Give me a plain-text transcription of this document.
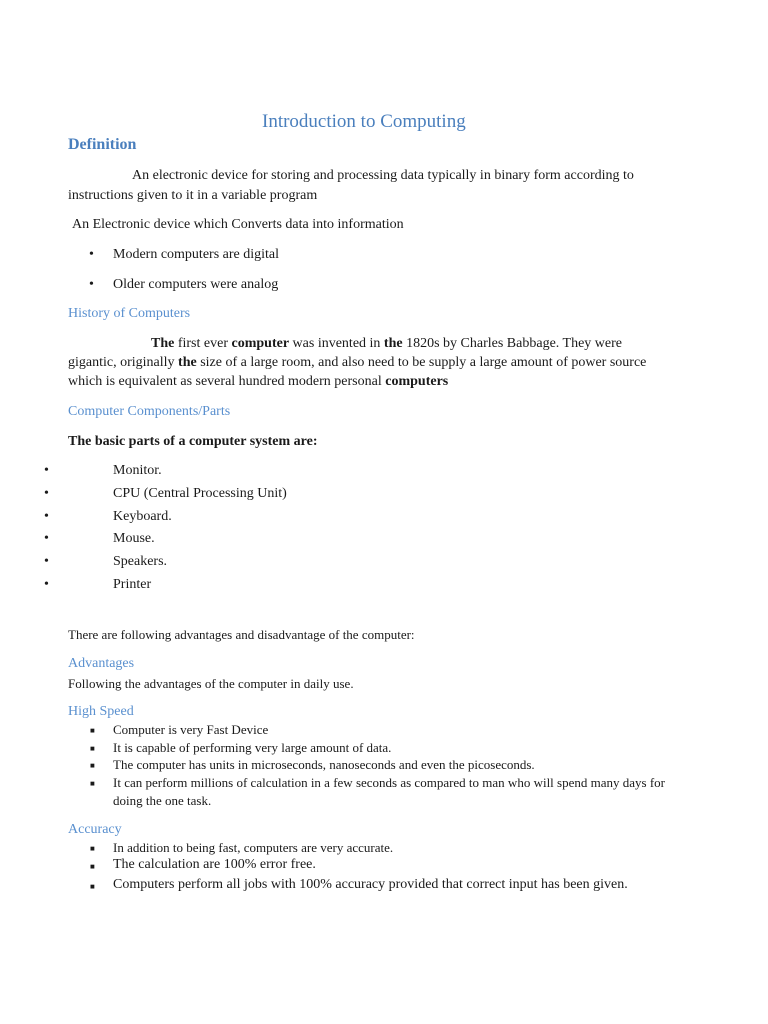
Introduction to Computing
Definition
An electronic device for storing and processing data typically in binary form according to
instructions given to it in a variable program
An Electronic device which Converts data into information
• Modern computers are digital
• Older computers were analog
History of Computers
The first ever computer was invented in the 1820s by Charles Babbage. They were
gigantic, originally the size of a large room, and also need to be supply a large amount of power source
which is equivalent as several hundred modern personal computers
Computer Components/Parts
The basic parts of a computer system are:
•	Monitor.
•	CPU (Central Processing Unit)
•	Keyboard.
•	Mouse.
•	Speakers.
•	Printer
There are following advantages and disadvantage of the computer:
Advantages
Following the advantages of the computer in daily use.
High Speed
■ Computer is very Fast Device
■ It is capable of performing very large amount of data.
■ The computer has units in microseconds, nanoseconds and even the picoseconds.
■ It can perform millions of calculation in a few seconds as compared to man who will spend many days for
doing the one task.
Accuracy
■ In addition to being fast, computers are very accurate.
■ The calculation are 100% error free.
■ Computers perform all jobs with 100% accuracy provided that correct input has been given.
